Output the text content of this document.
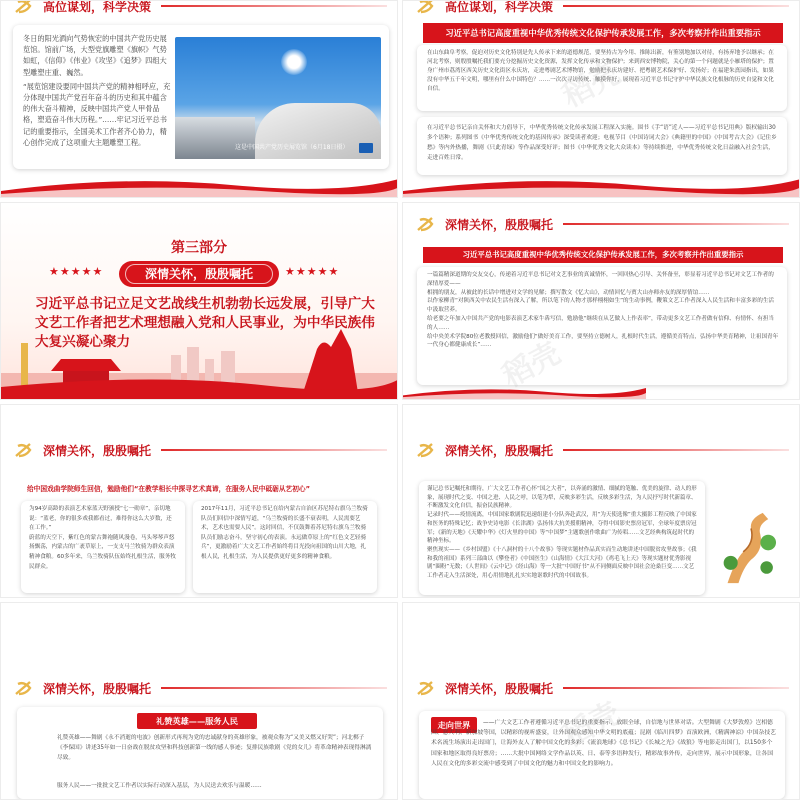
高位谋划，科学决策

冬日的阳光洒向气势恢宏的中国共产党历史展览馆。馆前广场，大型党旗雕塑《旗帜》气势如虹，《信仰》《伟业》《攻坚》《追梦》四组大型雕塑庄重、巍然。

“展览馆建设要同中国共产党的精神相呼应，充分体现中国共产党百年奋斗的历史和其中蕴含的伟大奋斗精神，反映中国共产党人甲骨品格，塑造奋斗伟大历程。”……牢记习近平总书记的重要指示，全国美术工作者齐心协力，精心创作完成了这项重大主题雕塑工程。

这是中国共产党历史展览馆（6月18日摄）
高位谋划，科学决策
习近平总书记高度重视中华优秀传统文化保护传承发展工作，多次考察并作出重要指示

在山东曲阜考察，促迫对历史文化特别是先人传承下来的道德规范，要坚持古为今用、推陈出新，有鉴别地加以对待，有扬弃地予以继承；在河北考察，则殷殷嘱托我们要充分挖掘历史文化资源，发挥文化传承和文物保护；来到西安博物院，关心的第一个问题就是小雁塔的保护；置身广州市荔湾区西关历史文化街区永庆坊，走进粤剧艺术博物馆，勉励把永庆坊建好、把粤剧艺术保护好、发扬好；在福建朱熹园指出，如果没有中华五千年文明，哪里有什么中国特色？……一次次寻访传统、触摸你好，展现着习近平总书记守护中华民族文化根脉的历史自觉和文化自信。

在习近平总书记亲自关怀和大力倡导下，中华优秀传统文化传承发展工程深入实施。围书《手“语”近人——习近平总书记用典》版权输出30多个语种；系列图书《中华优秀传统文化的基因传承》深受读者欢迎；电视节目《中国诗词大会》《典籍里的中国》《中国考古大会》《记住乡愁》等内外热播，舞剧《只此青绿》等作品深受好评；图书《中华优秀文化大众读本》等持续推进，中华优秀传统文化日益融入社会生活，走进百姓日常。

第三部分
★★★★★	深情关怀，殷殷嘱托	★★★★★
习近平总书记立足文艺战线生机勃勃长远发展，引导广大文艺工作者把艺术理想融入党和人民事业，为中华民族伟大复兴凝心聚力
深情关怀，殷殷嘱托
习近平总书记高度重视中华优秀传统文化保护传承发展工作，多次考察并作出重要指示

一篇篇精深道期的交友交心，传递着习近平总书记对文艺事业的真诚情怀，一回回热心引导、关怀备至，彰显着习近平总书记对文艺工作者的深情厚爱——

相拥的朋友，从被此的长话中增进对文学的见解；撰写散文《忆大山》，动情回忆与贾大山亦师亦友的深厚情谊……

以作家柳青“对陕西关中农民生活有深入了解，所以笔下的人物才那样栩栩如生”的生动事例，鞭策文艺工作者深入人民生活和丰富多彩的生活中汲取营养。

给老要之年加入中国共产党的电影表演艺术家牛犇写信，勉励他“继续在从艺做人上作表率”，带动更多文艺工作者做有信仰、有情怀、有担当的人……

给中央美术学院80位老教授回信，激励他们“做好美育工作，要坚持立德树人，扎根时代生活，遵循美育特点，弘扬中华美育精神，让祖国青年一代身心都健康成长”……

深情关怀，殷殷嘱托
给中国戏曲学院师生回信，勉励他们“在教学相长中探寻艺术真谛，在服务人民中砥砺从艺初心”

为94岁高龄的表演艺术家蓝天野颁授“七一勋章”，亲切地说：“蓝老，你的很多戏我都看过，难得你这么大岁数，还在工作。”
蔚蓝的天空下，紫红色的蒙古舞袍随风漫卷，马头琴琴声悠扬飘荡，内蒙古的广袤草原上，一支支马兰牧骑为群众表演精神食粮。60多年来，乌兰牧骑队伍始终扎根生活，服务牧民群众。

2017年11月，习近平总书记在给内蒙古自治区苏尼特右旗乌兰牧骑队员们回信中深情写道，“乌兰牧骑的长盛不衰表明，人民需要艺术，艺术也需要人民”。这封回信，不仅鼓舞着苏尼特右旗乌兰牧骑队员们励志奋斗，坚守初心的表演。永远做草原上的“红色文艺轻骑兵”，更激励着广大文艺工作者始终将目光投向祖国的山川大地，扎根人民，扎根生活，为人民提供更好更多的精神食粮。

深情关怀，殷殷嘱托

谨记总书记嘱托和期待，广大文艺工作者心怀“国之大者”，以奔涌的激情、细腻的笔触、优美的旋律、动人的形象，展现时代之变、中国之进、人民之呼，以笔为犁，反映多彩生活，反映多彩生活，为人民抒写时代新篇章、不断激发文化自信，振奋民族精神。

记录时代——疫情流离，中国国家歌剧院迅速组建小分队奔赴武汉，用“为天使选像”重大摄影工程反映了中国家和医务的特殊记忆；战争史诗电影《长津湖》弘扬伟大抗美援朝精神，夺得中国影史票房冠军，全球年度票房冠军；《新的天地》《天耀中华》《灯火里的中国》等“中国梦”主题歌创作歌曲广为传唱……文艺经典构筑起时代的精神坐标。

聚焦现实——《乡村国盟》《十八洞村的十八个故事》等现实题材作品真实而生动地讲述中国脱贫攻坚故事；《我和我的祖国》系列三部曲以《攀登者》《中国医生》《山海情》《大江大河》《鸡毛飞上天》等现实题材优秀影视剧“圈粉”无数；《人世间》《云中记》《经山海》等一大批“中国好书”从不同侧面反映中国社会沧桑巨变……文艺工作者走入生活深处，用心用情地扎扎实实地讴歌时代的中国故事。

深情关怀，殷殷嘱托
礼赞英雄——服务人民

礼赞英雄——舞剧《永不消逝的电波》创新形式再现为党的忠诚献身的英雄形象，被观众称为“又美又燃又好哭”；河北梆子《李保国》讲述35年如一日奋战在脱贫攻坚和科技创新第一线的感人事迹；复排民族歌剧《党的女儿》将革命精神表现得淋漓尽致。

服务人民——一批批文艺工作者以实际行动深入基层，为人民送去欢乐与温暖……

深情关怀，殷殷嘱托
走向世界	——广大文艺工作者遵循习近平总书记的重要指示，放眼全球，自信地与世界对话。大型舞剧《大梦敦煌》岂相德国、意大利、新加坡等国，以精彩的视听盛宴，让外国观众感知中华文明的底蕴；昆剧《临川四梦》首演欧洲，《精满神凉》中国杂技艺术名流生场演出走出国门，让海外友人了解中国文化的多彩；《流浪地球》《总书记》《长城之光》《战狼》等电影走出国门，以150多个国家和地区取得良好票房；……大批中国网络文学作品以英、日、泰等多语种发行，精彩故事外传，走向世界，展示中国形象，让各国人民在文化的多彩交流中感受到了中国文化的魅力和中国文化的影响力。
